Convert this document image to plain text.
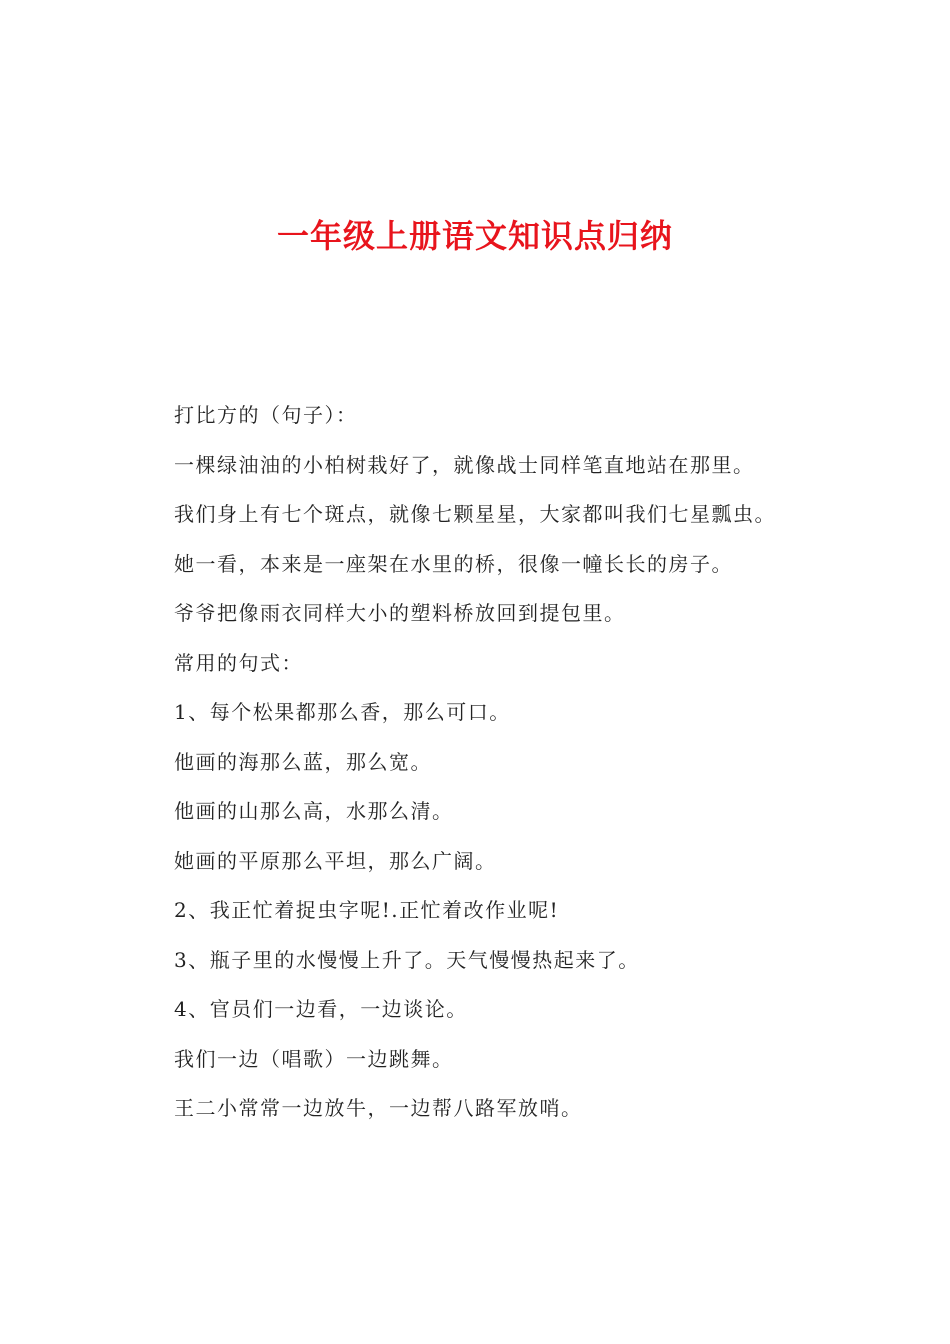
一年级上册语文知识点归纳
打比方的（句子）：
一棵绿油油的小柏树栽好了，就像战士同样笔直地站在那里。
我们身上有七个斑点，就像七颗星星，大家都叫我们七星瓢虫。
她一看，本来是一座架在水里的桥，很像一幢长长的房子。
爷爷把像雨衣同样大小的塑料桥放回到提包里。
常用的句式：
1、每个松果都那么香，那么可口。
他画的海那么蓝，那么宽。
他画的山那么高，水那么清。
她画的平原那么平坦，那么广阔。
2、我正忙着捉虫字呢!.正忙着改作业呢!
3、瓶子里的水慢慢上升了。天气慢慢热起来了。
4、官员们一边看，一边谈论。
我们一边（唱歌）一边跳舞。
王二小常常一边放牛，一边帮八路军放哨。
